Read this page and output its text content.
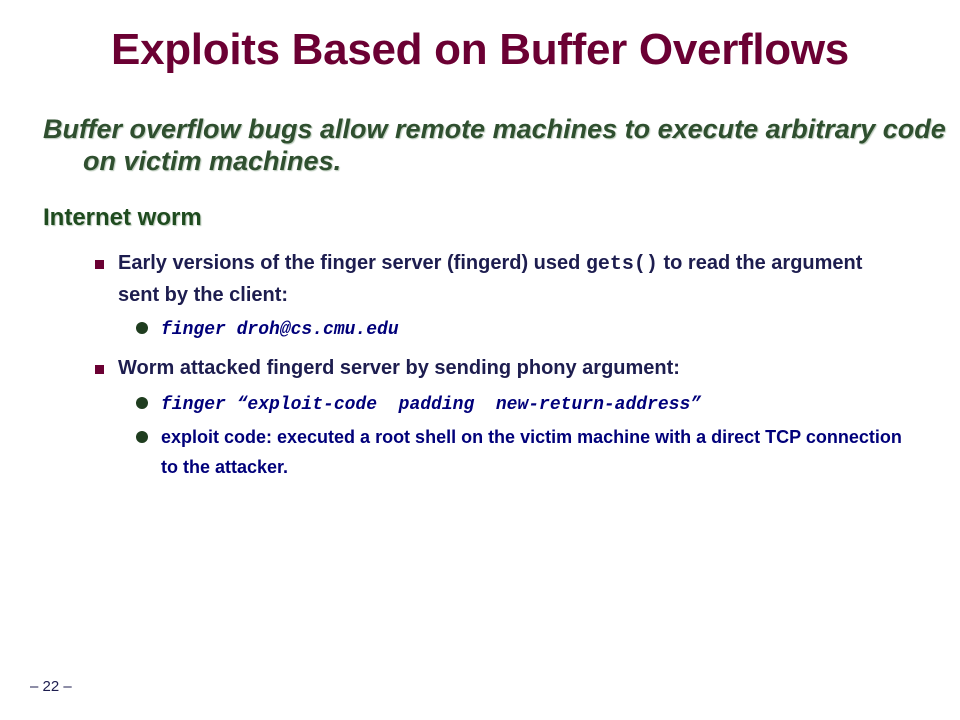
Exploits Based on Buffer Overflows
Buffer overflow bugs allow remote machines to execute arbitrary code on victim machines.
Internet worm
Early versions of the finger server (fingerd) used gets() to read the argument sent by the client:
finger droh@cs.cmu.edu
Worm attacked fingerd server by sending phony argument:
finger “exploit-code  padding  new-return-address”
exploit code: executed a root shell on the victim machine with a direct TCP connection to the attacker.
– 22 –
